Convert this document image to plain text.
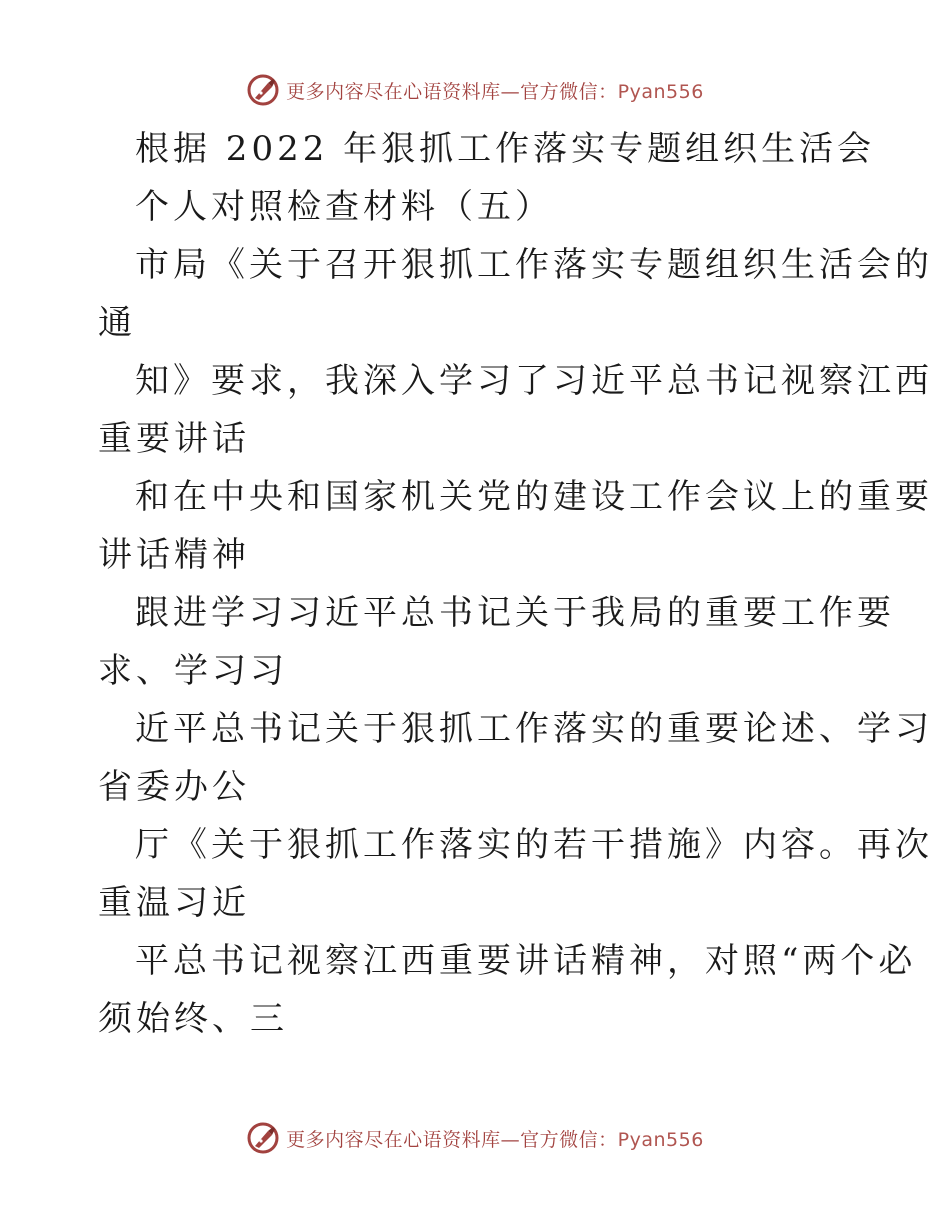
更多内容尽在心语资料库—官方微信：Pyan556
根据 2022 年狠抓工作落实专题组织生活会
个人对照检查材料（五）
市局《关于召开狠抓工作落实专题组织生活会的
通
知》要求，我深入学习了习近平总书记视察江西
重要讲话
和在中央和国家机关党的建设工作会议上的重要
讲话精神
跟进学习习近平总书记关于我局的重要工作要
求、学习习
近平总书记关于狠抓工作落实的重要论述、学习
省委办公
厅《关于狠抓工作落实的若干措施》内容。再次
重温习近
平总书记视察江西重要讲话精神，对照“两个必
须始终、三
更多内容尽在心语资料库—官方微信：Pyan556
